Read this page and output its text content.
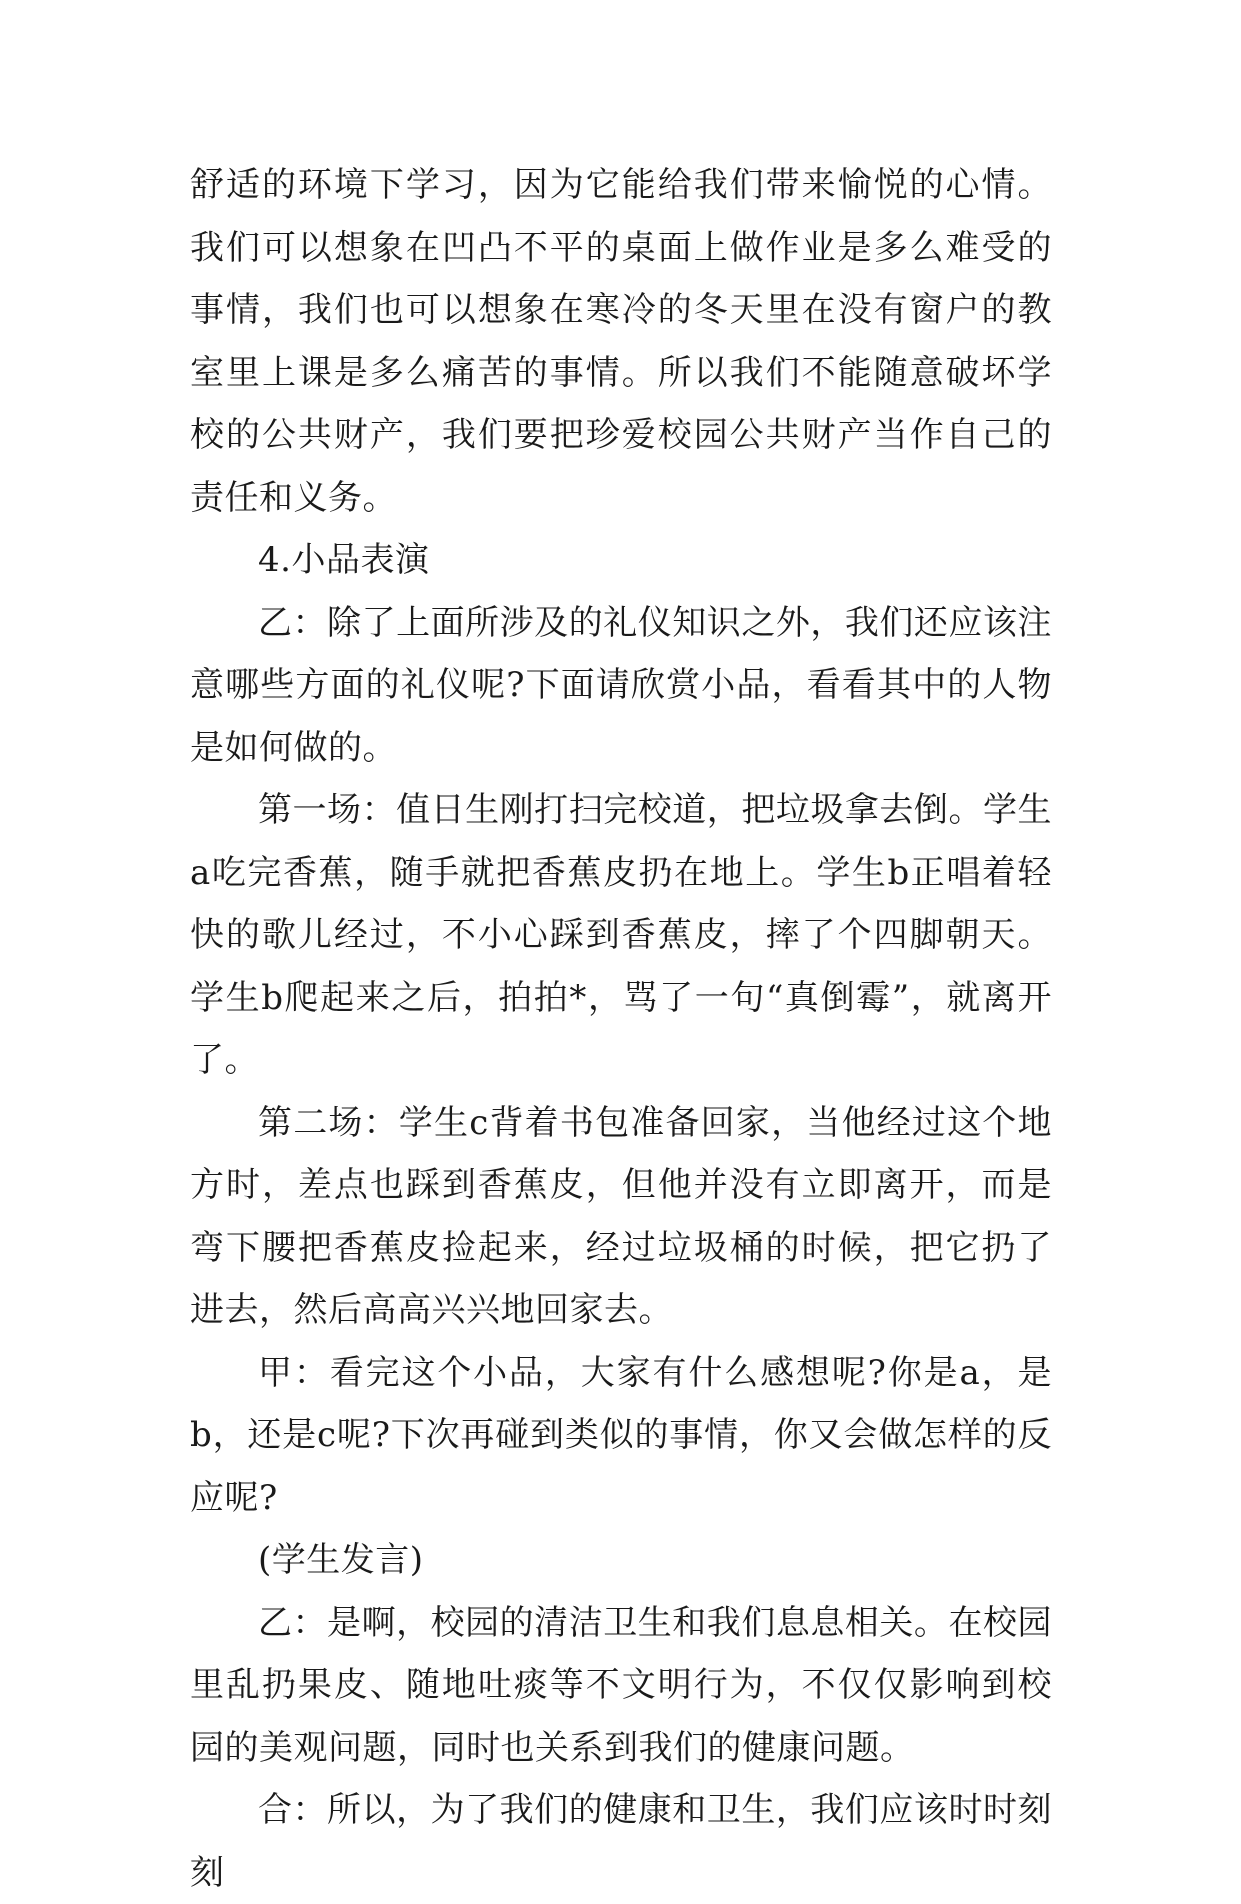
舒适的环境下学习，因为它能给我们带来愉悦的心情。我们可以想象在凹凸不平的桌面上做作业是多么难受的事情，我们也可以想象在寒冷的冬天里在没有窗户的教室里上课是多么痛苦的事情。所以我们不能随意破坏学校的公共财产，我们要把珍爱校园公共财产当作自己的责任和义务。

4.小品表演

乙：除了上面所涉及的礼仪知识之外，我们还应该注意哪些方面的礼仪呢?下面请欣赏小品，看看其中的人物是如何做的。

第一场：值日生刚打扫完校道，把垃圾拿去倒。学生a吃完香蕉，随手就把香蕉皮扔在地上。学生b正唱着轻快的歌儿经过，不小心踩到香蕉皮，摔了个四脚朝天。学生b爬起来之后，拍拍*，骂了一句“真倒霉”，就离开了。

第二场：学生c背着书包准备回家，当他经过这个地方时，差点也踩到香蕉皮，但他并没有立即离开，而是弯下腰把香蕉皮捡起来，经过垃圾桶的时候，把它扔了进去，然后高高兴兴地回家去。

甲：看完这个小品，大家有什么感想呢?你是a，是b，还是c呢?下次再碰到类似的事情，你又会做怎样的反应呢?

(学生发言)

乙：是啊，校园的清洁卫生和我们息息相关。在校园里乱扔果皮、随地吐痰等不文明行为，不仅仅影响到校园的美观问题，同时也关系到我们的健康问题。

合：所以，为了我们的健康和卫生，我们应该时时刻刻
